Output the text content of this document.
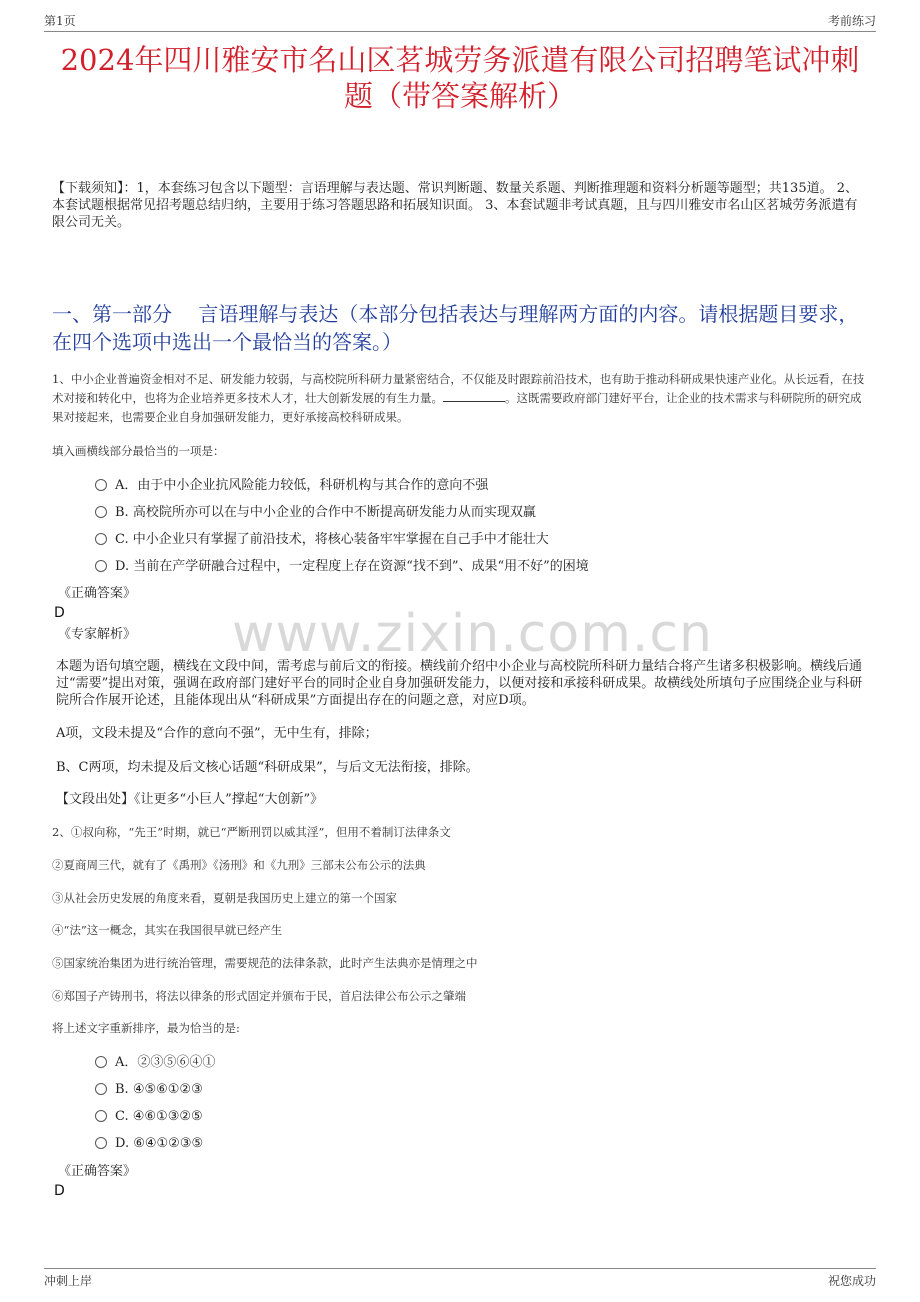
第1页	考前练习
2024年四川雅安市名山区茗城劳务派遣有限公司招聘笔试冲刺
题（带答案解析）
【下载须知】：1，本套练习包含以下题型：言语理解与表达题、常识判断题、数量关系题、判断推理题和资料分析题等题型；共135道。 2、本套试题根据常见招考题总结归纳，主要用于练习答题思路和拓展知识面。 3、本套试题非考试真题，且与四川雅安市名山区茗城劳务派遣有限公司无关。
一、第一部分　 言语理解与表达（本部分包括表达与理解两方面的内容。请根据题目要求，在四个选项中选出一个最恰当的答案。）
1、中小企业普遍资金相对不足、研发能力较弱，与高校院所科研力量紧密结合，不仅能及时跟踪前沿技术，也有助于推动科研成果快速产业化。从长远看，在技术对接和转化中，也将为企业培养更多技术人才，壮大创新发展的有生力量。	。这既需要政府部门建好平台，让企业的技术需求与科研院所的研究成果对接起来，也需要企业自身加强研发能力，更好承接高校科研成果。
填入画横线部分最恰当的一项是：
A．由于中小企业抗风险能力较低，科研机构与其合作的意向不强
B. 高校院所亦可以在与中小企业的合作中不断提高研发能力从而实现双赢
C. 中小企业只有掌握了前沿技术，将核心装备牢牢掌握在自己手中才能壮大
D. 当前在产学研融合过程中，一定程度上存在资源“找不到”、成果“用不好”的困境
《正确答案》
D
《专家解析》 www.zixin.com.cn
本题为语句填空题，横线在文段中间，需考虑与前后文的衔接。横线前介绍中小企业与高校院所科研力量结合将产生诸多积极影响。横线后通过“需要”提出对策，强调在政府部门建好平台的同时企业自身加强研发能力，以便对接和承接科研成果。故横线处所填句子应围绕企业与科研院所合作展开论述，且能体现出从“科研成果”方面提出存在的问题之意，对应D项。
A项，文段未提及“合作的意向不强”，无中生有，排除；
B、C两项，均未提及后文核心话题“科研成果”，与后文无法衔接，排除。
【文段出处】《让更多“小巨人”撑起“大创新”》
2、①叔向称，“先王”时期，就已“严断刑罚以威其淫”，但用不着制订法律条文
②夏商周三代，就有了《禹刑》《汤刑》和《九刑》三部未公布公示的法典
③从社会历史发展的角度来看，夏朝是我国历史上建立的第一个国家
④“法”这一概念，其实在我国很早就已经产生
⑤国家统治集团为进行统治管理，需要规范的法律条款，此时产生法典亦是情理之中
⑥郑国子产铸刑书，将法以律条的形式固定并颁布于民，首启法律公布公示之肇端
将上述文字重新排序，最为恰当的是:
A．②③⑤⑥④①
B. ④⑤⑥①②③
C. ④⑥①③②⑤
D. ⑥④①②③⑤
《正确答案》
D
冲刺上岸	祝您成功
